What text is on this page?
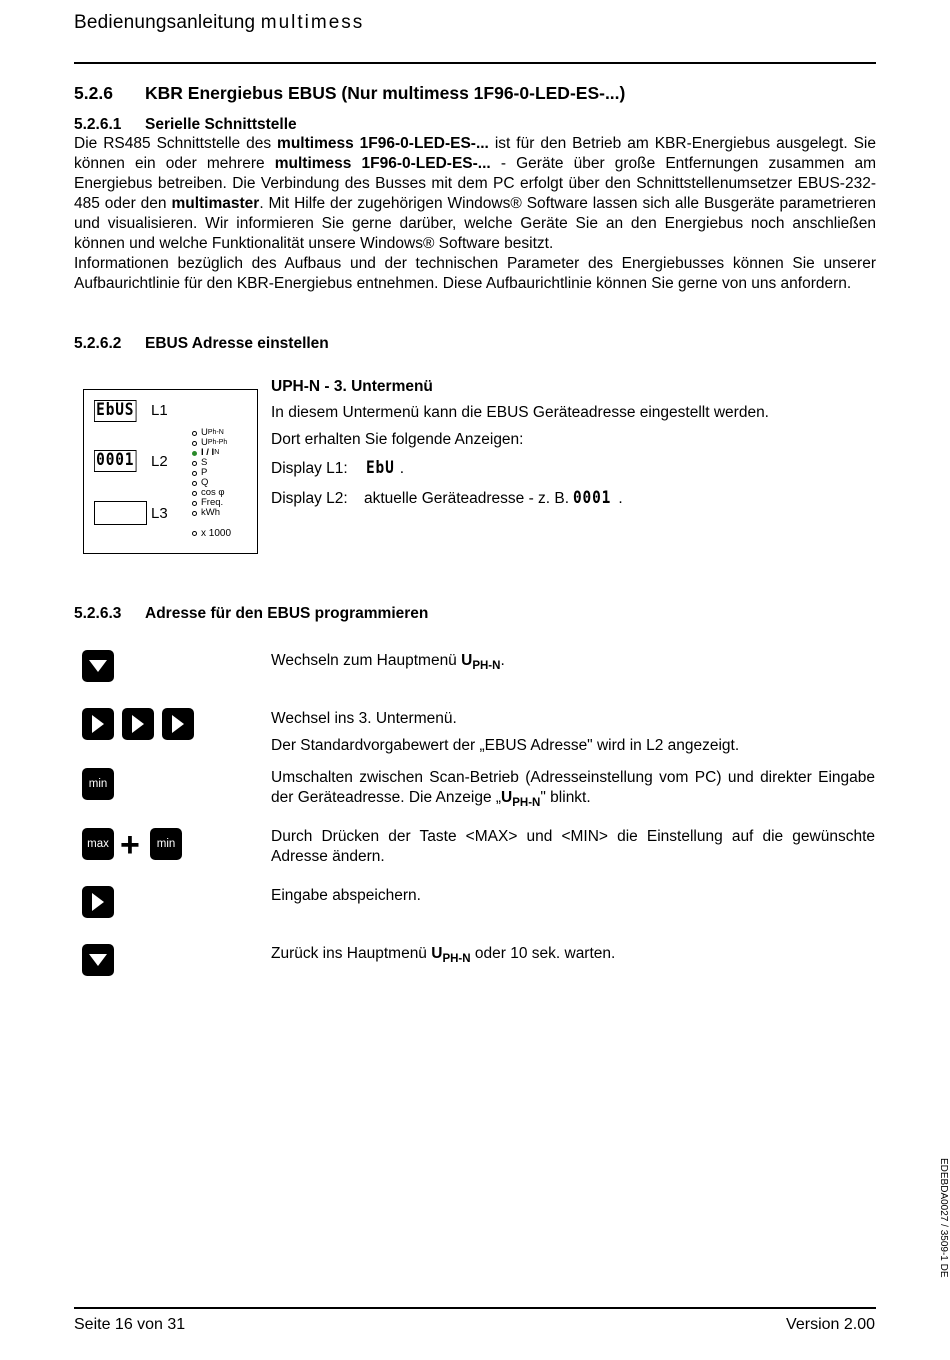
Bedienungsanleitung multimess
5.2.6 KBR Energiebus EBUS (Nur multimess 1F96-0-LED-ES-...)
5.2.6.1 Serielle Schnittstelle

Die RS485 Schnittstelle des multimess 1F96-0-LED-ES-... ist für den Betrieb am KBR-Energiebus ausgelegt. Sie können ein oder mehrere multimess 1F96-0-LED-ES-... - Geräte über große Entfernungen zusammen am Energiebus betreiben. Die Verbindung des Busses mit dem PC erfolgt über den Schnittstellenumsetzer EBUS-232-485 oder den multimaster. Mit Hilfe der zugehörigen Windows® Software lassen sich alle Busgeräte parametrieren und visualisieren. Wir informieren Sie gerne darüber, welche Geräte Sie an den Energiebus noch anschließen können und welche Funktionalität unsere Windows® Software besitzt.

Informationen bezüglich des Aufbaus und der technischen Parameter des Energiebusses können Sie unserer Aufbaurichtlinie für den KBR-Energiebus entnehmen. Diese Aufbaurichtlinie können Sie gerne von uns anfordern.

5.2.6.2 EBUS Adresse einstellen
EbUS L1
0001 L2
L3
U Ph-N
U Ph-Ph
I / I N
S
P
Q
cos φ
Freq.
kWh
x 1000
UPH-N - 3. Untermenü
In diesem Untermenü kann die EBUS Geräteadresse eingestellt werden.
Dort erhalten Sie folgende Anzeigen:
Display L1: EbU .
Display L2: aktuelle Geräteadresse - z. B. 0001 .
5.2.6.3 Adresse für den EBUS programmieren
Wechseln zum Hauptmenü $U_{PH-N}$.

Wechsel ins 3. Untermenü.

Der Standardvorgabewert der „EBUS Adresse" wird in L2 angezeigt.

min	Umschalten zwischen Scan-Betrieb (Adresseinstellung vom PC) und direkter Eingabe der Geräteadresse. Die Anzeige $„U_{PH-N}$" blinkt.
max +	min	Durch Drücken der Taste <MAX> und <MIN> die Einstellung auf die gewünschte Adresse ändern.
Eingabe abspeichern.
Zurück ins Hauptmenü $U_{PH-N}$ oder 10 sek. warten.
EDEBDA0027 / 3509-1 DE
Seite 16 von 31	Version 2.00
